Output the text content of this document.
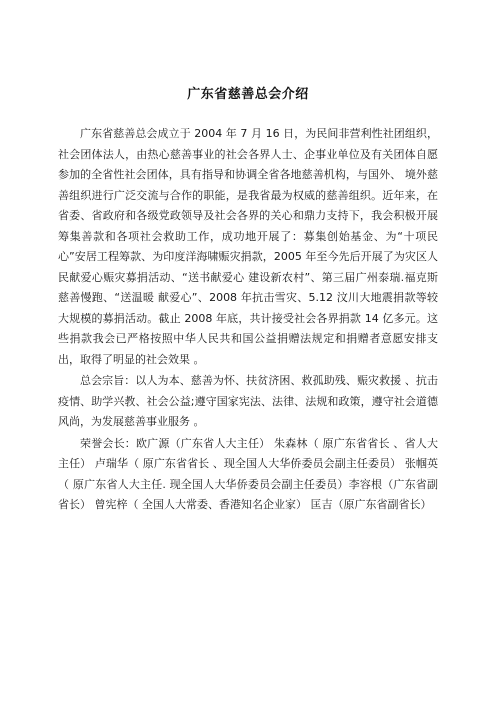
广东省慈善总会介绍

广东省慈善总会成立于 2004 年 7 月 16 日，为民间非营利性社团组织，社会团体法人，由热心慈善事业的社会各界人士、企事业单位及有关团体自愿参加的全省性社会团体，具有指导和协调全省各地慈善机构，与国外、 境外慈善组织进行广泛交流与合作的职能，是我省最为权威的慈善组织。近年来，在省委、省政府和各级党政领导及社会各界的关心和鼎力支持下，我会积极开展筹集善款和各项社会救助工作，成功地开展了：募集创始基金、为“十项民心”安居工程筹款、为印度洋海啸赈灾捐款，2005 年至今先后开展了为灾区人民献爱心赈灾募捐活动、“送书献爱心 建设新农村”、第三届广州泰瑞.福克斯慈善慢跑、“送温暖 献爱心”、2008 年抗击雪灾、5.12 汶川大地震捐款等较大规模的募捐活动。截止 2008 年底，共计接受社会各界捐款 14 亿多元。这些捐款我会已严格按照中华人民共和国公益捐赠法规定和捐赠者意愿安排支出，取得了明显的社会效果 。

总会宗旨：以人为本、慈善为怀、扶贫济困、救孤助残、赈灾救援 、抗击疫情、助学兴教、社会公益;遵守国家宪法、法律、法规和政策，遵守社会道德风尚，为发展慈善事业服务 。

荣誉会长：欧广源（广东省人大主任） 朱森林（ 原广东省省长 、省人大主任） 卢瑞华（ 原广东省省长 、现全国人大华侨委员会副主任委员） 张帼英（ 原广东省人大主任. 现全国人大华侨委员会副主任委员）李容根（广东省副省长） 曾宪梓（ 全国人大常委、香港知名企业家） 匡吉（原广东省副省长）
